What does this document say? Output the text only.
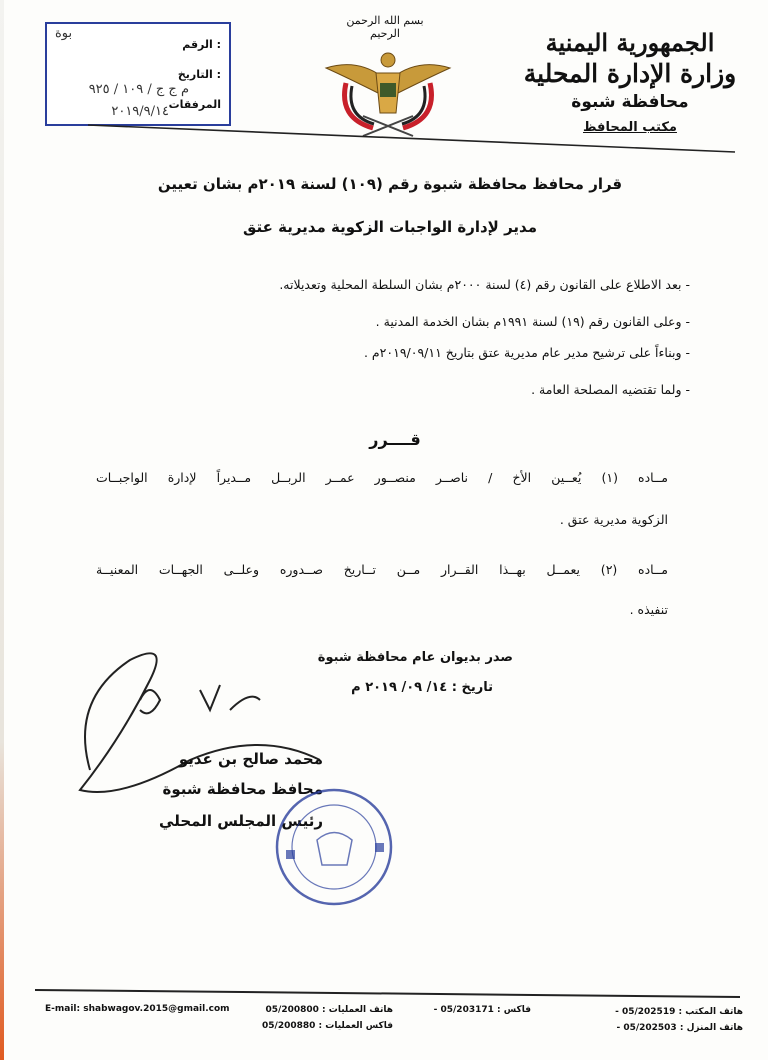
الجمهورية اليمنية
وزارة الإدارة المحلية
محافظة شبوة
مكتب المحافظ
بسم الله الرحمن الرحيم
بوة
: الرقم
: التاريخ
م ج ج / ١٠٩ / ٩٢٥
المرفقات
٢٠١٩/٩/١٤
قرار محافظ محافظة شبوة رقم (١٠٩) لسنة ٢٠١٩م بشان تعيين
مدير لإدارة الواجبات الزكوية مديرية عتق
- بعد الاطلاع على القانون رقم (٤) لسنة ٢٠٠٠م بشان السلطة المحلية وتعديلاته.
- وعلى القانون رقم (١٩) لسنة ١٩٩١م بشان الخدمة المدنية .
- وبناءاً على ترشيح مدير عام مديرية عتق بتاريخ ٢٠١٩/٠٩/١١م .
- ولما تقتضيه المصلحة العامة .
قــــرر
مــاده (١) يُعــين الأخ / ناصــر منصــور عمــر الربــل مــديراً لإدارة الواجبــات
الزكوية مديرية عتق .
مــاده (٢) يعمــل بهــذا القــرار مــن تــاريخ صــدوره وعلــى الجهــات المعنيــة
تنفيذه .
صدر بديوان عام محافظة شبوة
تاريخ : ١٤/ ٠٩/ ٢٠١٩ م
محمد صالح بن عديو
محافظ محافظة شبوة
رئيس المجلس المحلي
هاتف المكتب : 05/202519 -
هاتف المنزل : 05/202503 -
فاكس : 05/203171 -
هاتف العمليات : 05/200800
فاكس العمليات : 05/200880
E-mail: shabwagov.2015@gmail.com
